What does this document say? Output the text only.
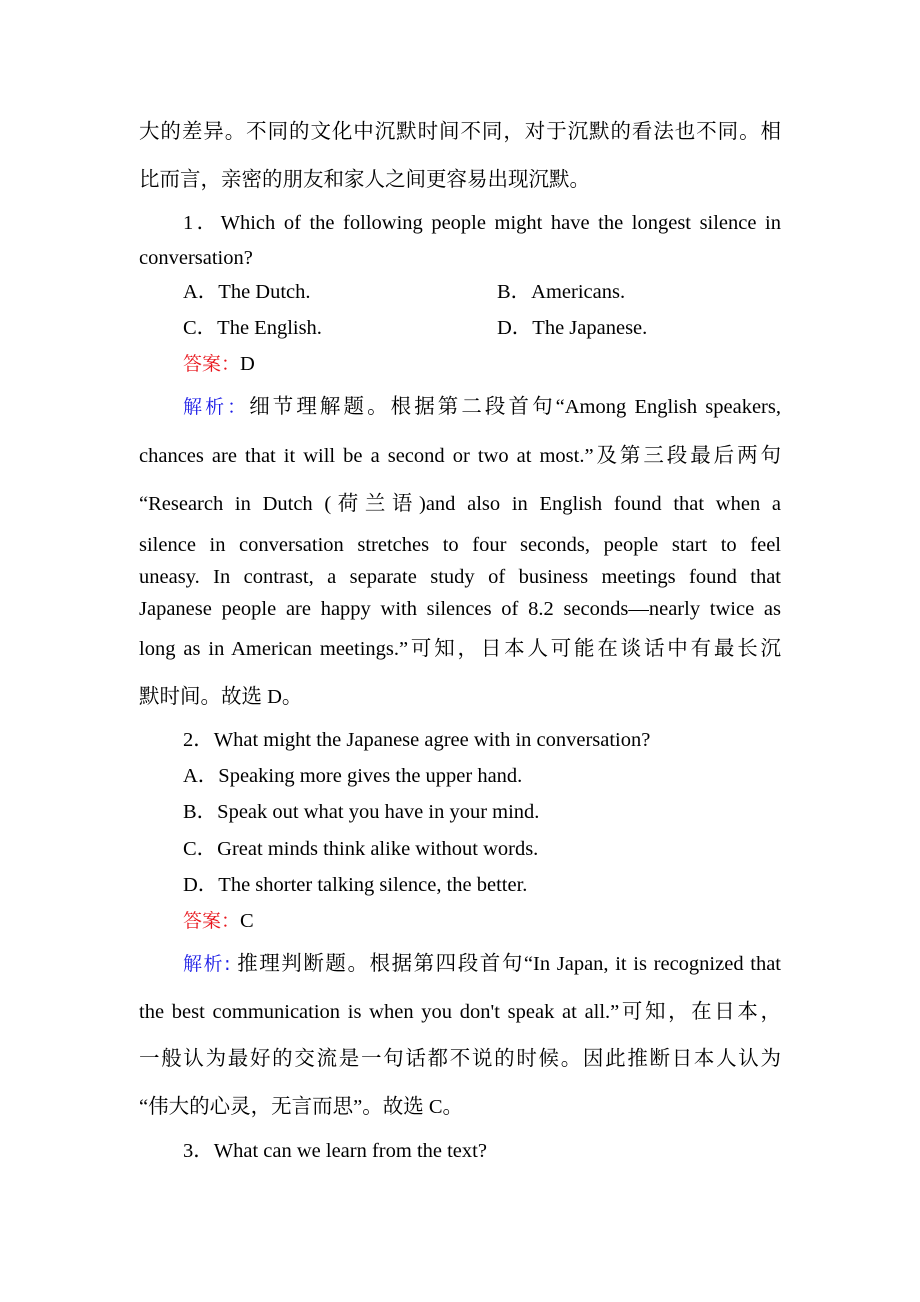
大的差异。不同的文化中沉默时间不同，对于沉默的看法也不同。相
比而言，亲密的朋友和家人之间更容易出现沉默。
1．Which of the following people might have the longest silence in
conversation?
A．The Dutch.	B．Americans.
C．The English.	D．The Japanese.
答案：D
解析：细节理解题。根据第二段首句“Among English speakers,
chances are that it will be a second or two at most.”及第三段最后两句
“Research in Dutch (荷兰语)and also in English found that when a
silence in conversation stretches to four seconds, people start to feel
uneasy. In contrast, a separate study of business meetings found that
Japanese people are happy with silences of 8.2 seconds—nearly twice as
long as in American meetings.”可知，日本人可能在谈话中有最长沉
默时间。故选 D。
2．What might the Japanese agree with in conversation?
A．Speaking more gives the upper hand.
B．Speak out what you have in your mind.
C．Great minds think alike without words.
D．The shorter talking silence, the better.
答案：C
解析: 推理判断题。根据第四段首句“In Japan, it is recognized that
the best communication is when you don't speak at all.”可知，在日本，
一般认为最好的交流是一句话都不说的时候。因此推断日本人认为
“伟大的心灵，无言而思”。故选 C。
3．What can we learn from the text?
